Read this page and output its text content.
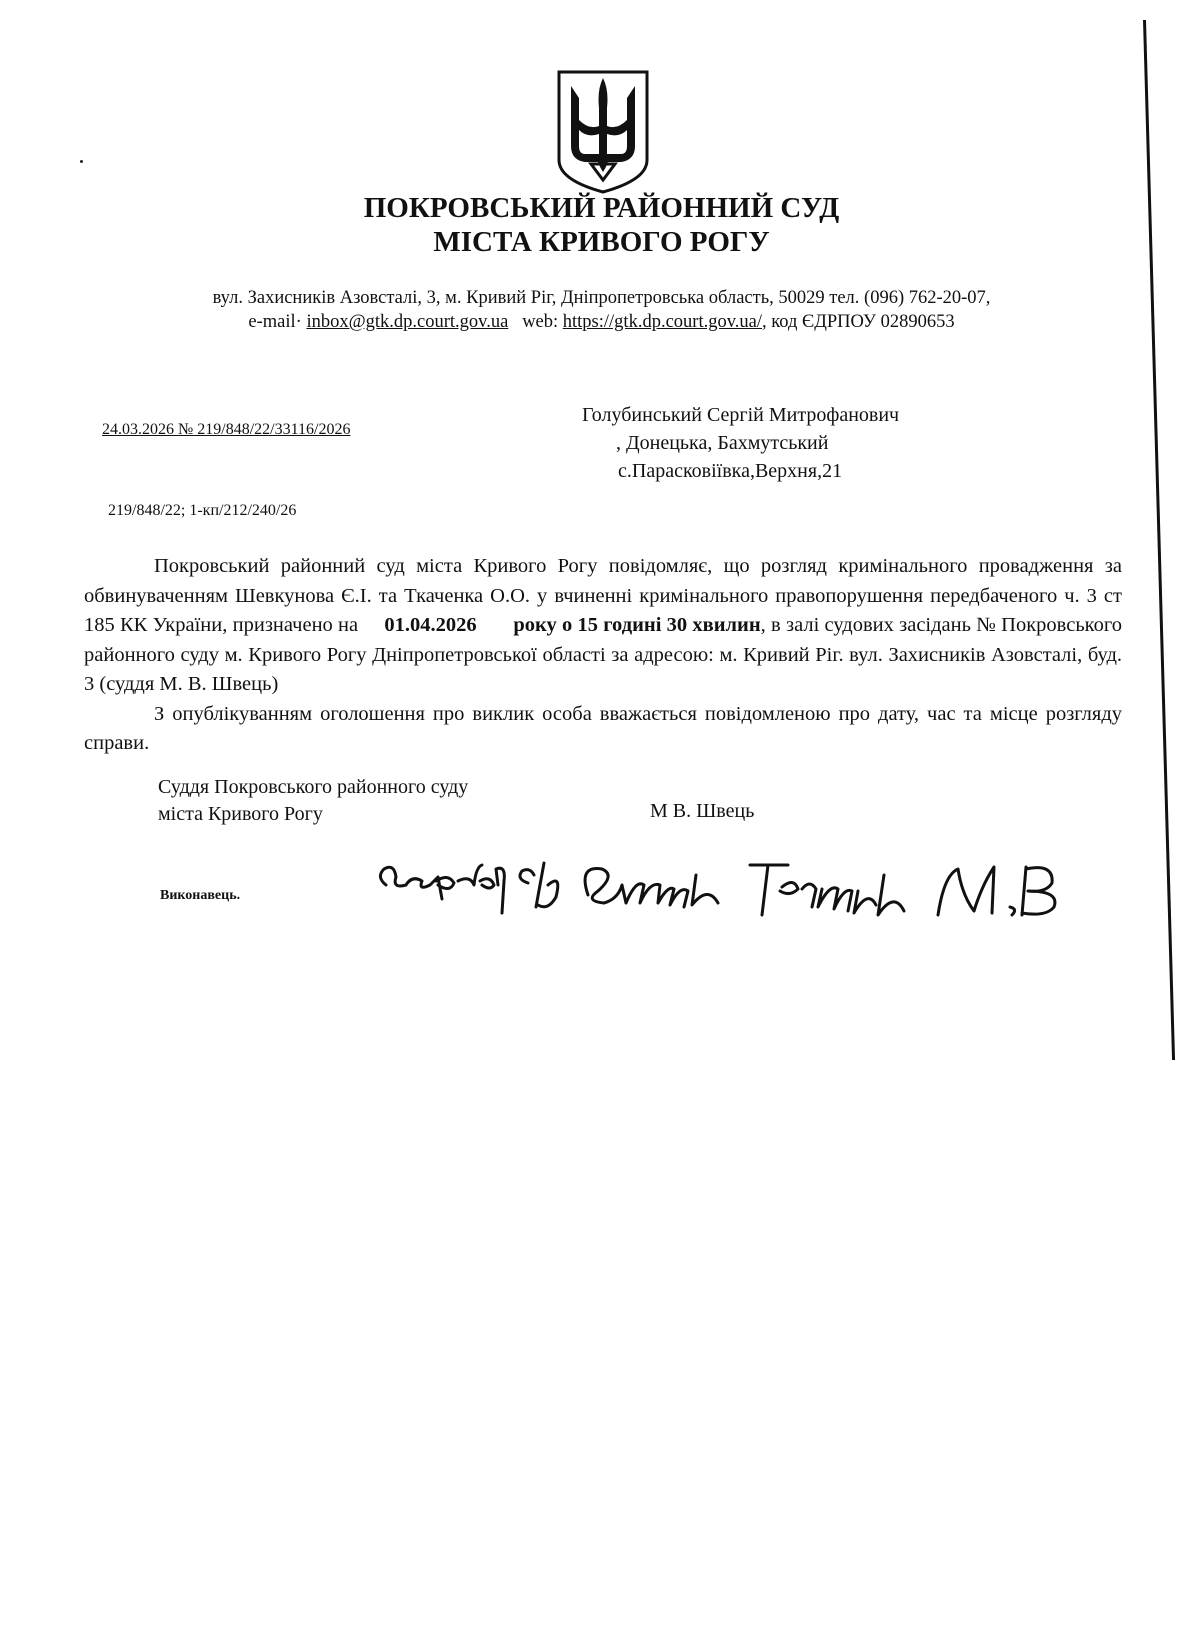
ПОКРОВСЬКИЙ РАЙОННИЙ СУД
МІСТА КРИВОГО РОГУ
вул. Захисників Азовсталі, 3, м. Кривий Ріг, Дніпропетровська область, 50029 тел. (096) 762-20-07,
e-mail· inbox@gtk.dp.court.gov.ua web: https://gtk.dp.court.gov.ua/, код ЄДРПОУ 02890653
24.03.2026 № 219/848/22/33116/2026
Голубинський Сергій Митрофанович
, Донецька, Бахмутський
с.Парасковіївка,Верхня,21
219/848/22; 1-кп/212/240/26

Покровський районний суд міста Кривого Рогу повідомляє, що розгляд кримінального провадження за обвинуваченням Шевкунова Є.І. та Ткаченка О.О. у вчиненні кримінального правопорушення передбаченого ч. 3 ст 185 КК України, призначено на 01.04.2026 року о 15 годині 30 хвилин, в залі судових засідань № Покровського районного суду м. Кривого Рогу Дніпропетровської області за адресою: м. Кривий Ріг. вул. Захисників Азовсталі, буд. 3 (суддя М. В. Швець)

З опублікуванням оголошення про виклик особа вважається повідомленою про дату, час та місце розгляду справи.

Суддя Покровського районного суду
міста Кривого Рогу	М В. Швець
Виконавець.
